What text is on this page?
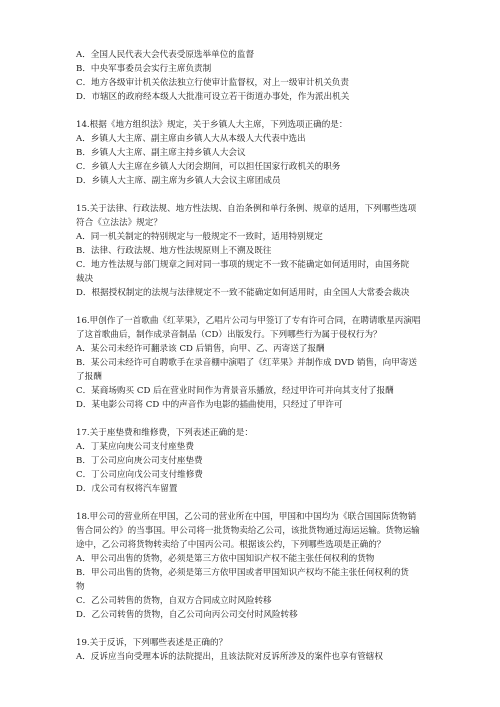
A．全国人民代表大会代表受原选举单位的监督
B．中央军事委员会实行主席负责制
C．地方各级审计机关依法独立行使审计监督权，对上一级审计机关负责
D．市辖区的政府经本级人大批准可设立若干街道办事处，作为派出机关
14.根据《地方组织法》规定，关于乡镇人大主席，下列选项正确的是：
A．乡镇人大主席、副主席由乡镇人大从本级人大代表中选出
B．乡镇人大主席、副主席主持乡镇人大会议
C．乡镇人大主席在乡镇人大闭会期间，可以担任国家行政机关的职务
D．乡镇人大主席、副主席为乡镇人大会议主席团成员
15.关于法律、行政法规、地方性法规、自治条例和单行条例、规章的适用，下列哪些选项
符合《立法法》规定？
A．同一机关制定的特别规定与一般规定不一致时，适用特别规定
B．法律、行政法规、地方性法规原则上不溯及既往
C．地方性法规与部门规章之间对同一事项的规定不一致不能确定如何适用时，由国务院
裁决
D．根据授权制定的法规与法律规定不一致不能确定如何适用时，由全国人大常委会裁决
16.甲创作了一首歌曲《红苹果》，乙唱片公司与甲签订了专有许可合同，在聘请歌星丙演唱
了这首歌曲后，制作成录音制品（CD）出版发行。下列哪些行为属于侵权行为？
A．某公司未经许可翻录该 CD 后销售，向甲、乙、丙寄送了报酬
B．某公司未经许可自聘歌手在录音棚中演唱了《红苹果》并制作成 DVD 销售，向甲寄送
了报酬
C．某商场购买 CD 后在营业时间作为背景音乐播放，经过甲许可并向其支付了报酬
D．某电影公司将 CD 中的声音作为电影的插曲使用，只经过了甲许可
17.关于座垫费和维修费，下列表述正确的是：
A．丁某应向庚公司支付座垫费
B．丁公司应向庚公司支付座垫费
C．丁公司应向戊公司支付维修费
D．戊公司有权将汽车留置
18.甲公司的营业所在甲国，乙公司的营业所在中国，甲国和中国均为《联合国国际货物销
售合同公约》的当事国。甲公司将一批货物卖给乙公司，该批货物通过海运运输。货物运输
途中，乙公司将货物转卖给了中国丙公司。根据该公约，下列哪些选项是正确的？
A．甲公司出售的货物，必须是第三方依中国知识产权不能主张任何权利的货物
B．甲公司出售的货物，必须是第三方依甲国或者甲国知识产权均不能主张任何权利的货
物
C．乙公司转售的货物，自双方合同成立时风险转移
D．乙公司转售的货物，自乙公司向丙公司交付时风险转移
19.关于反诉，下列哪些表述是正确的？
A．反诉应当向受理本诉的法院提出，且该法院对反诉所涉及的案件也享有管辖权
